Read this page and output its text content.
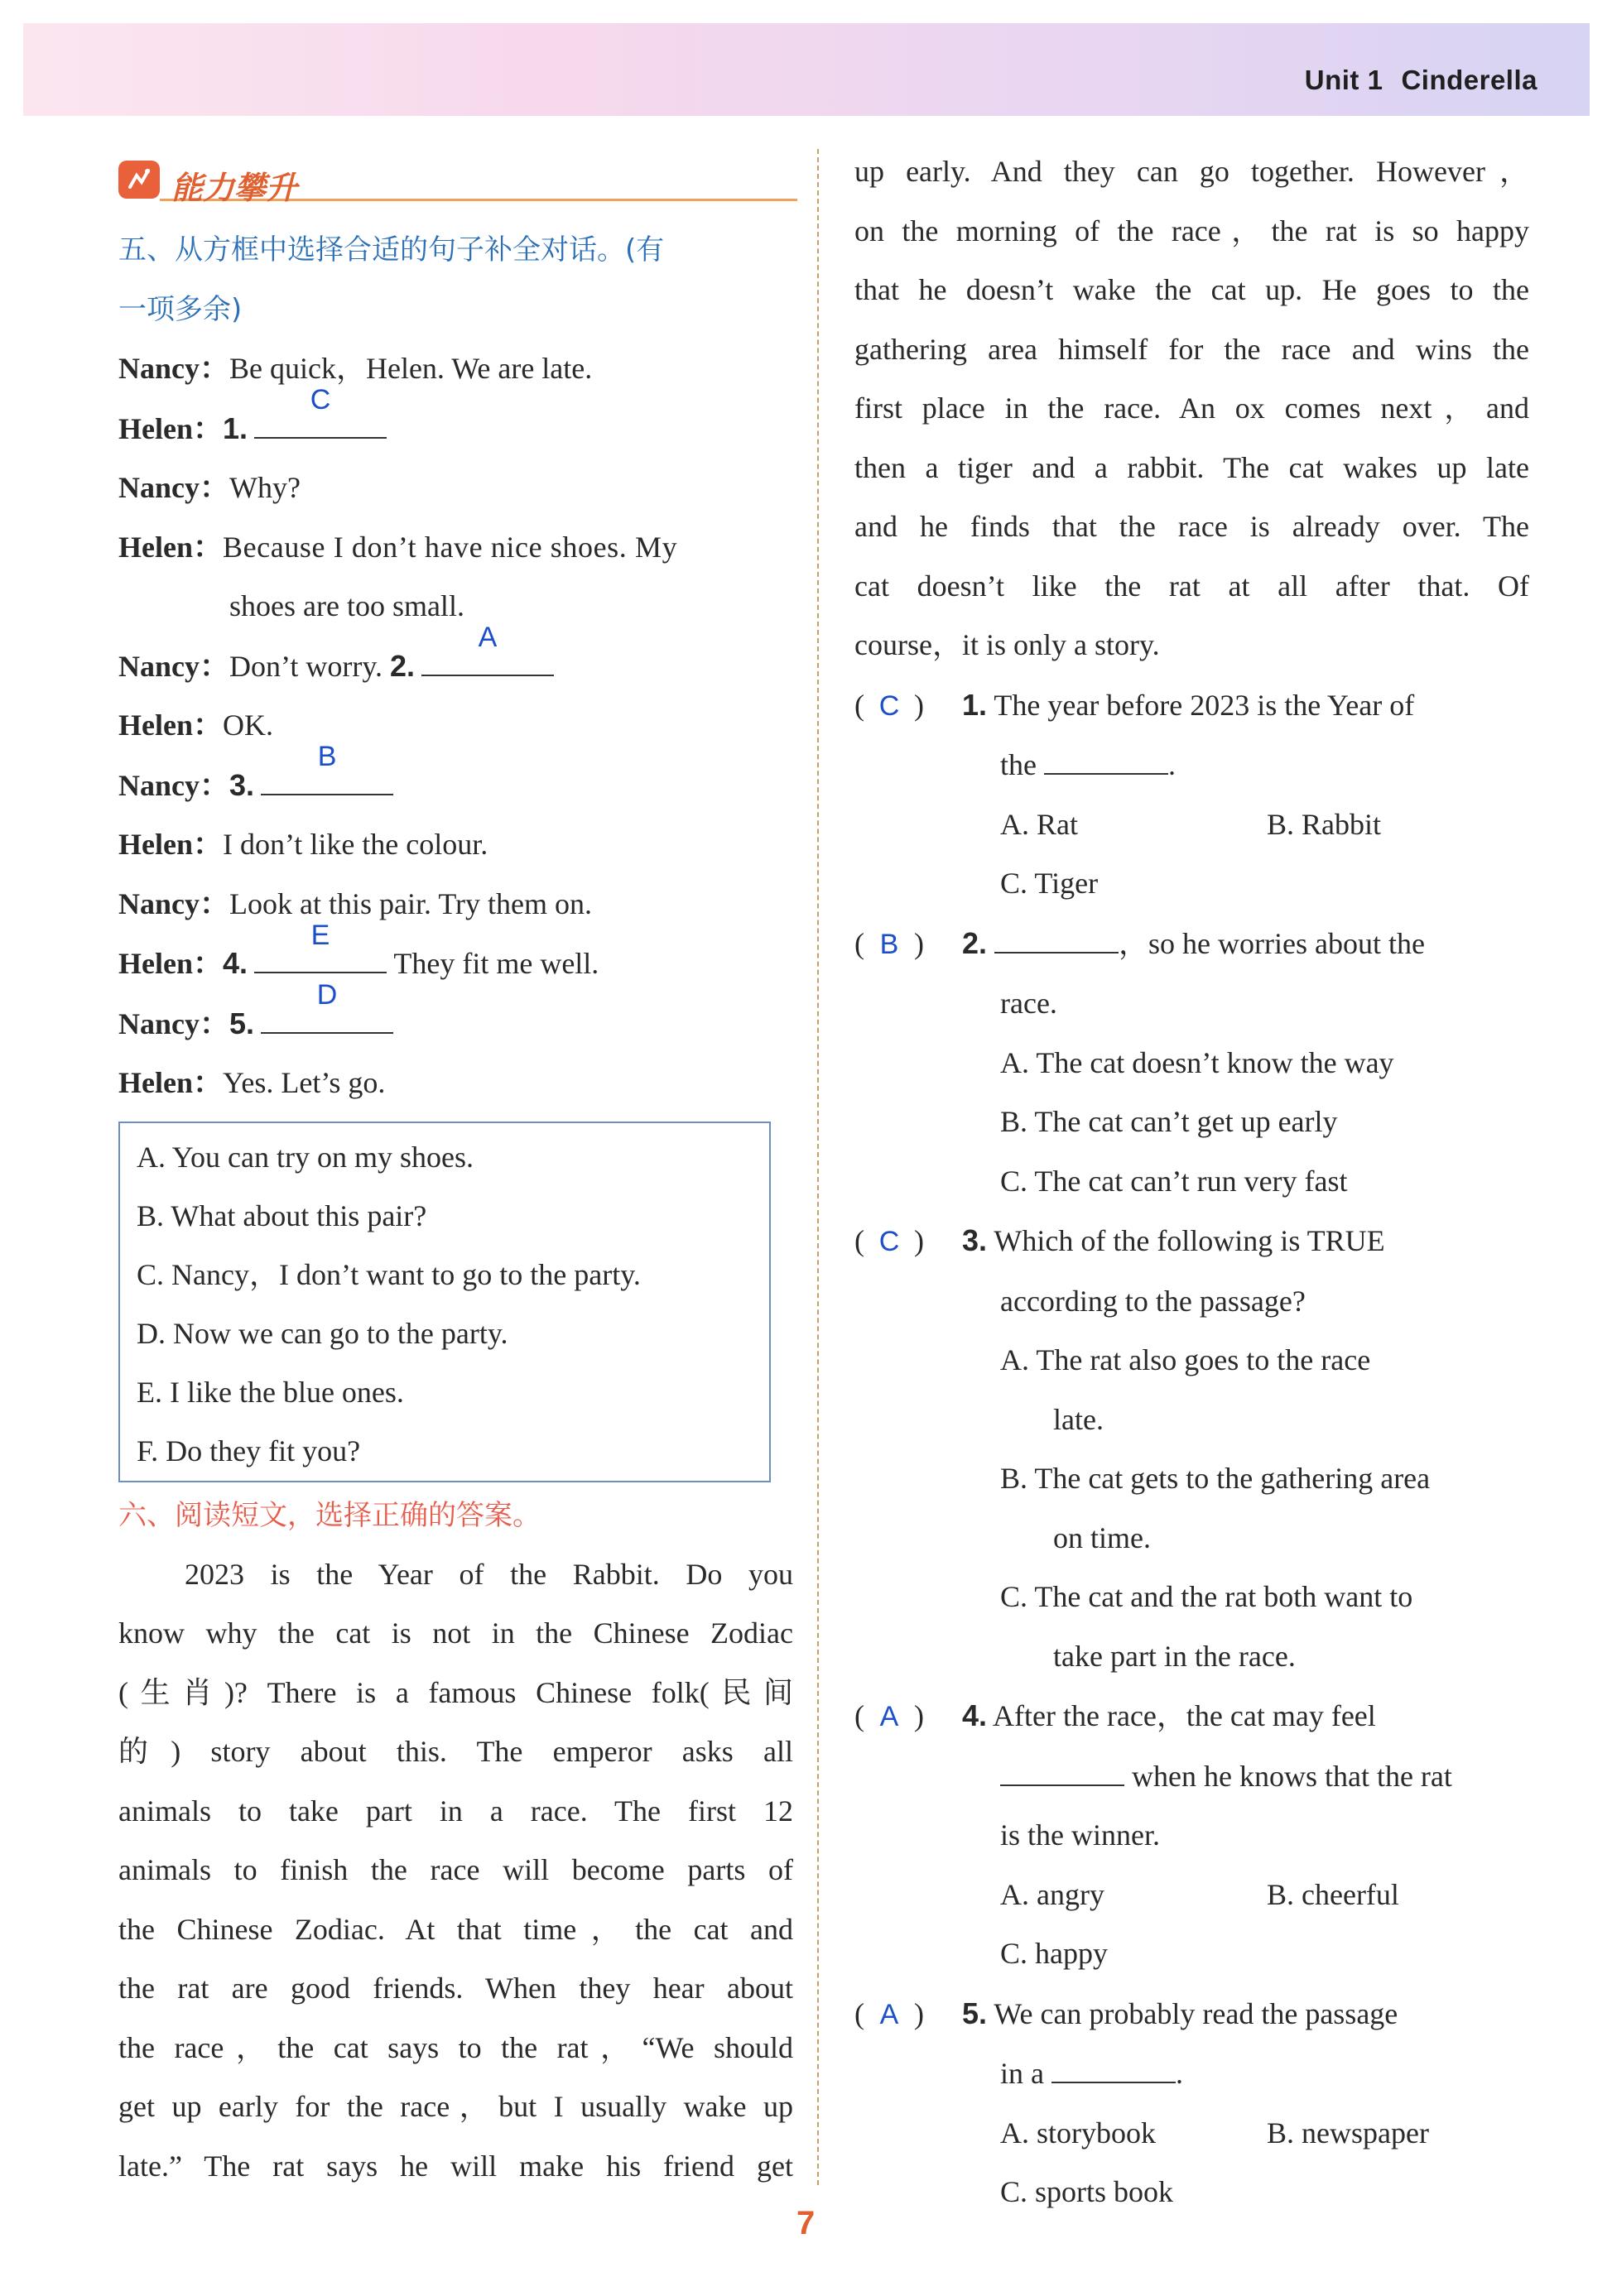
Unit 1 Cinderella
能力攀升
五、从方框中选择合适的句子补全对话。(有
一项多余)
Nancy：Be quick，Helen. We are late.
Helen：1.
C
Nancy：Why?
Helen：Because I don’t have nice shoes. My
shoes are too small.
Nancy：Don’t worry. 2.
A
Helen：OK.
Nancy：3.
B
Helen：I don’t like the colour.
Nancy：Look at this pair. Try them on.
Helen：4.
E
They fit me well.
Nancy：5.
D
Helen：Yes. Let’s go.
A. You can try on my shoes.
B. What about this pair?
C. Nancy，I don’t want to go to the party.
D. Now we can go to the party.
E. I like the blue ones.
F. Do they fit you?
六、阅读短文，选择正确的答案。
2023 is the Year of the Rabbit. Do you
know why the cat is not in the Chinese Zodiac
(生肖)? There is a famous Chinese folk(民间
的) story about this. The emperor asks all
animals to take part in a race. The first 12
animals to finish the race will become parts of
the Chinese Zodiac. At that time，the cat and
the rat are good friends. When they hear about
the race，the cat says to the rat，“We should
get up early for the race，but I usually wake up
late.” The rat says he will make his friend get
up early. And they can go together. However，
on the morning of the race，the rat is so happy
that he doesn’t wake the cat up. He goes to the
gathering area himself for the race and wins the
first place in the race. An ox comes next，and
then a tiger and a rabbit. The cat wakes up late
and he finds that the race is already over. The
cat doesn’t like the rat at all after that. Of
course，it is only a story.
( C ) 1. The year before 2023 is the Year of
the	.
A. Rat	B. Rabbit
C. Tiger
( B ) 2.	，so he worries about the
race.
A. The cat doesn’t know the way
B. The cat can’t get up early
C. The cat can’t run very fast
( C ) 3. Which of the following is TRUE
according to the passage?
A. The rat also goes to the race
late.
B. The cat gets to the gathering area
on time.
C. The cat and the rat both want to
take part in the race.
( A ) 4. After the race，the cat may feel
when he knows that the rat
is the winner.
A. angry	B. cheerful
C. happy
( A ) 5. We can probably read the passage
in a	.
A. storybook	B. newspaper
C. sports book
7
